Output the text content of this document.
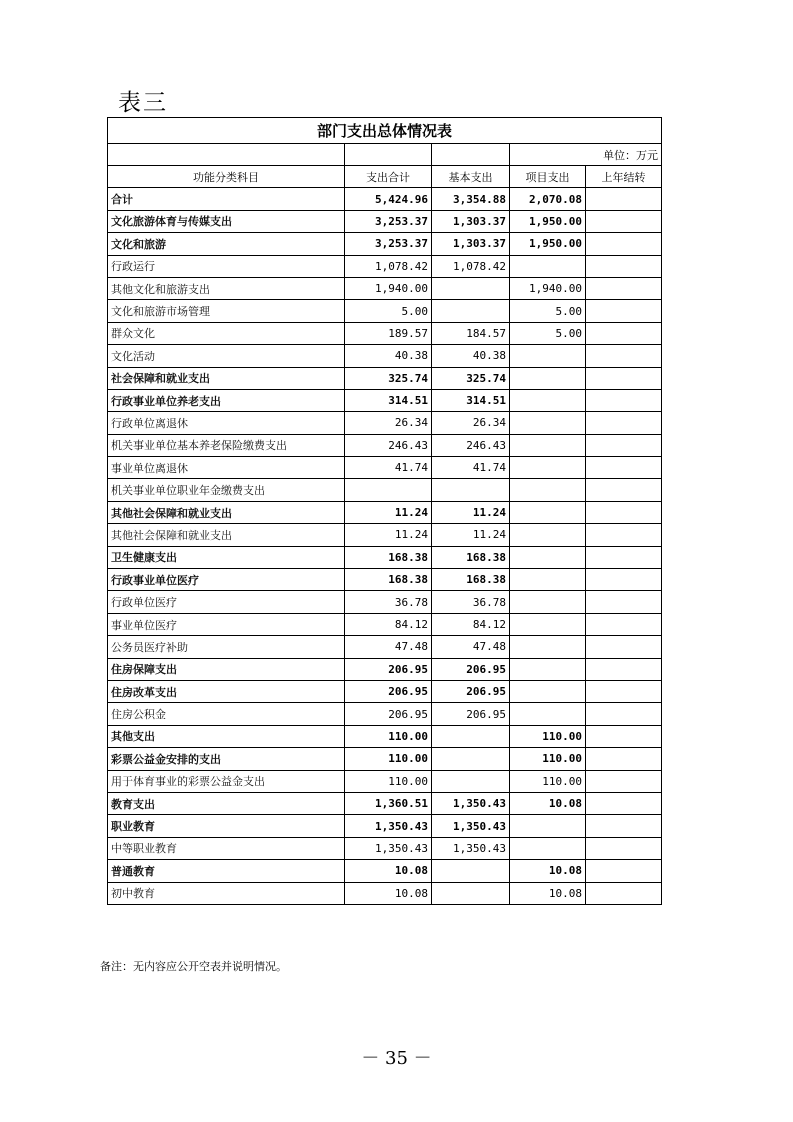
表三
部门支出总体情况表				
			单位：万元	
功能分类科目	支出合计	基本支出	项目支出	上年结转
合计	5,424.96	3,354.88	2,070.08	
文化旅游体育与传媒支出	3,253.37	1,303.37	1,950.00	
文化和旅游	3,253.37	1,303.37	1,950.00	
行政运行	1,078.42	1,078.42		
其他文化和旅游支出	1,940.00		1,940.00	
文化和旅游市场管理	5.00		5.00	
群众文化	189.57	184.57	5.00	
文化活动	40.38	40.38		
社会保障和就业支出	325.74	325.74		
行政事业单位养老支出	314.51	314.51		
行政单位离退休	26.34	26.34		
机关事业单位基本养老保险缴费支出	246.43	246.43		
事业单位离退休	41.74	41.74		
机关事业单位职业年金缴费支出				
其他社会保障和就业支出	11.24	11.24		
其他社会保障和就业支出	11.24	11.24		
卫生健康支出	168.38	168.38		
行政事业单位医疗	168.38	168.38		
行政单位医疗	36.78	36.78		
事业单位医疗	84.12	84.12		
公务员医疗补助	47.48	47.48		
住房保障支出	206.95	206.95		
住房改革支出	206.95	206.95		
住房公积金	206.95	206.95		
其他支出	110.00		110.00	
彩票公益金安排的支出	110.00		110.00	
用于体育事业的彩票公益金支出	110.00		110.00	
教育支出	1,360.51	1,350.43	10.08	
职业教育	1,350.43	1,350.43		
中等职业教育	1,350.43	1,350.43		
普通教育	10.08		10.08	
初中教育	10.08		10.08	
备注：无内容应公开空表并说明情况。
－ 35 －
